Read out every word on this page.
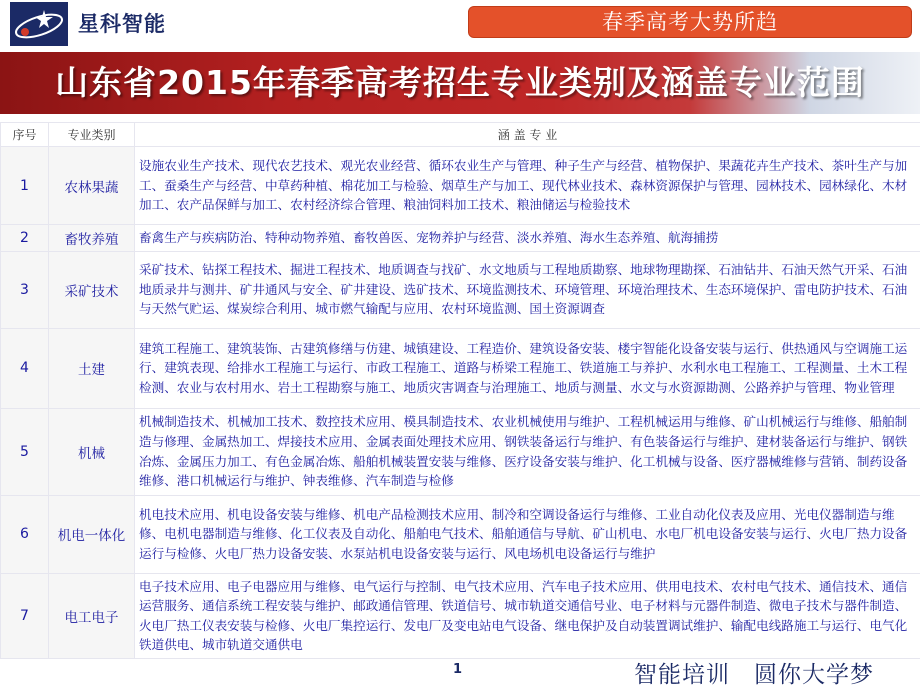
星科智能	春季高考大势所趋
山东省2015年春季高考招生专业类别及涵盖专业范围
序号	专业类别	涵 盖 专 业
1	农林果蔬	设施农业生产技术、现代农艺技术、观光农业经营、循环农业生产与管理、种子生产与经营、植物保护、果蔬花卉生产技术、茶叶生产与加工、蚕桑生产与经营、中草药种植、棉花加工与检验、烟草生产与加工、现代林业技术、森林资源保护与管理、园林技术、园林绿化、木材加工、农产品保鲜与加工、农村经济综合管理、粮油饲料加工技术、粮油储运与检验技术
2	畜牧养殖	畜禽生产与疾病防治、特种动物养殖、畜牧兽医、宠物养护与经营、淡水养殖、海水生态养殖、航海捕捞
3	采矿技术	采矿技术、钻探工程技术、掘进工程技术、地质调查与找矿、水文地质与工程地质勘察、地球物理勘探、石油钻井、石油天然气开采、石油地质录井与测井、矿井通风与安全、矿井建设、选矿技术、环境监测技术、环境管理、环境治理技术、生态环境保护、雷电防护技术、石油与天然气贮运、煤炭综合利用、城市燃气输配与应用、农村环境监测、国土资源调查
4	土建	建筑工程施工、建筑装饰、古建筑修缮与仿建、城镇建设、工程造价、建筑设备安装、楼宇智能化设备安装与运行、供热通风与空调施工运行、建筑表现、给排水工程施工与运行、市政工程施工、道路与桥梁工程施工、铁道施工与养护、水利水电工程施工、工程测量、土木工程检测、农业与农村用水、岩土工程勘察与施工、地质灾害调查与治理施工、地质与测量、水文与水资源勘测、公路养护与管理、物业管理
5	机械	机械制造技术、机械加工技术、数控技术应用、模具制造技术、农业机械使用与维护、工程机械运用与维修、矿山机械运行与维修、船舶制造与修理、金属热加工、焊接技术应用、金属表面处理技术应用、钢铁装备运行与维护、有色装备运行与维护、建材装备运行与维护、钢铁冶炼、金属压力加工、有色金属冶炼、船舶机械装置安装与维修、医疗设备安装与维护、化工机械与设备、医疗器械维修与营销、制药设备维修、港口机械运行与维护、钟表维修、汽车制造与检修
6	机电一体化	机电技术应用、机电设备安装与维修、机电产品检测技术应用、制冷和空调设备运行与维修、工业自动化仪表及应用、光电仪器制造与维修、电机电器制造与维修、化工仪表及自动化、船舶电气技术、船舶通信与导航、矿山机电、水电厂机电设备安装与运行、火电厂热力设备运行与检修、火电厂热力设备安装、水泵站机电设备安装与运行、风电场机电设备运行与维护
7	电工电子	电子技术应用、电子电器应用与维修、电气运行与控制、电气技术应用、汽车电子技术应用、供用电技术、农村电气技术、通信技术、通信运营服务、通信系统工程安装与维护、邮政通信管理、铁道信号、城市轨道交通信号业、电子材料与元器件制造、微电子技术与器件制造、火电厂热工仪表安装与检修、火电厂集控运行、发电厂及变电站电气设备、继电保护及自动装置调试维护、输配电线路施工与运行、电气化铁道供电、城市轨道交通供电
1	智能培训　圆你大学梦
